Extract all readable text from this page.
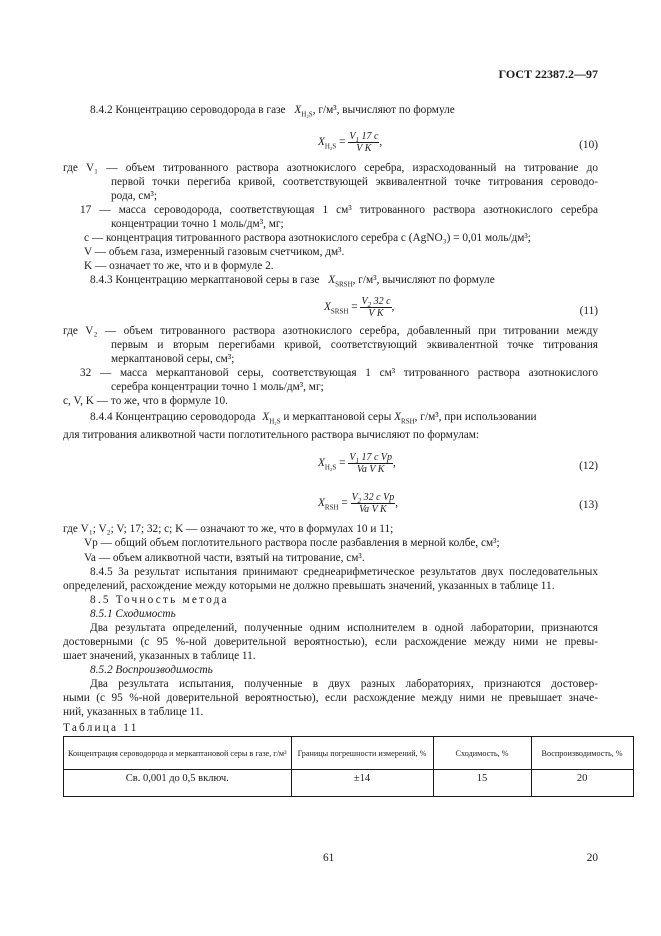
ГОСТ 22387.2—97
8.4.2 Концентрацию сероводорода в газе $X_{H_2S}$, г/м³, вычисляют по формуле
$X_{H_2S} = \frac{V_1 17 c}{\text{V K}}$ ,	(10)
где V₁ — объем титрованного раствора азотнокислого серебра, израсходованный на титрование до
первой точки перегиба кривой, соответствующей эквивалентной точке титрования сероводо-
рода, см³;
17 — масса сероводорода, соответствующая 1 см³ титрованного раствора азотнокислого серебра
концентрации точно 1 моль/дм³, мг;
c — концентрация титрованного раствора азотнокислого серебра c (AgNO₃) = 0,01 моль/дм³;
V — объем газа, измеренный газовым счетчиком, дм³.
K — означает то же, что и в формуле 2.
8.4.3 Концентрацию меркаптановой серы в газе $X_{SRSH}$, г/м³, вычисляют по формуле
$X_{SRSH} = \frac{V_2 32 c}{\text{V K}}$ ,	(11)
где V₂ — объем титрованного раствора азотнокислого серебра, добавленный при титровании между
первым и вторым перегибами кривой, соответствующий эквивалентной точке титрования
меркаптановой серы, см³;
32 — масса меркаптановой серы, соответствующая 1 см³ титрованного раствора азотнокислого
серебра концентрации точно 1 моль/дм³, мг;
c, V, K — то же, что в формуле 10.
8.4.4 Концентрацию сероводорода $X_{H_2S}$ и меркаптановой серы $X_{RSH}$, г/м³, при использовании
для титрования аликвотной части поглотительного раствора вычисляют по формулам:
$X_{H_2S} = \frac{V_1 17 c Vp}{\text{Va V K}}$ ,	(12)
$X_{RSH} = \frac{V_2 32 c Vp}{\text{Va V K}}$ ,	(13)
где V₁; V₂; V; 17; 32; c; K — означают то же, что в формулах 10 и 11;
Vp — общий объем поглотительного раствора после разбавления в мерной колбе, см³;
Va — объем аликвотной части, взятый на титрование, см³.
8.4.5 За результат испытания принимают среднеарифметическое результатов двух последовательных
определений, расхождение между которыми не должно превышать значений, указанных в таблице 11.
8.5 Точность метода
8.5.1 Сходимость
Два результата определений, полученные одним исполнителем в одной лаборатории, признаются
достоверными (с 95 %-ной доверительной вероятностью), если расхождение между ними не превы-
шает значений, указанных в таблице 11.
8.5.2 Воспроизводимость
Два результата испытания, полученные в двух разных лабораториях, признаются достовер-
ными (с 95 %-ной доверительной вероятностью), если расхождение между ними не превышает значе-
ний, указанных в таблице 11.
Таблица 11
Концентрация сероводорода и меркаптановой серы в газе, г/м³	Границы погрешности измерений, %	Сходимость, %	Воспроизводимость, %
Св. 0,001 до 0,5 включ.	±14	15	20
61	20
